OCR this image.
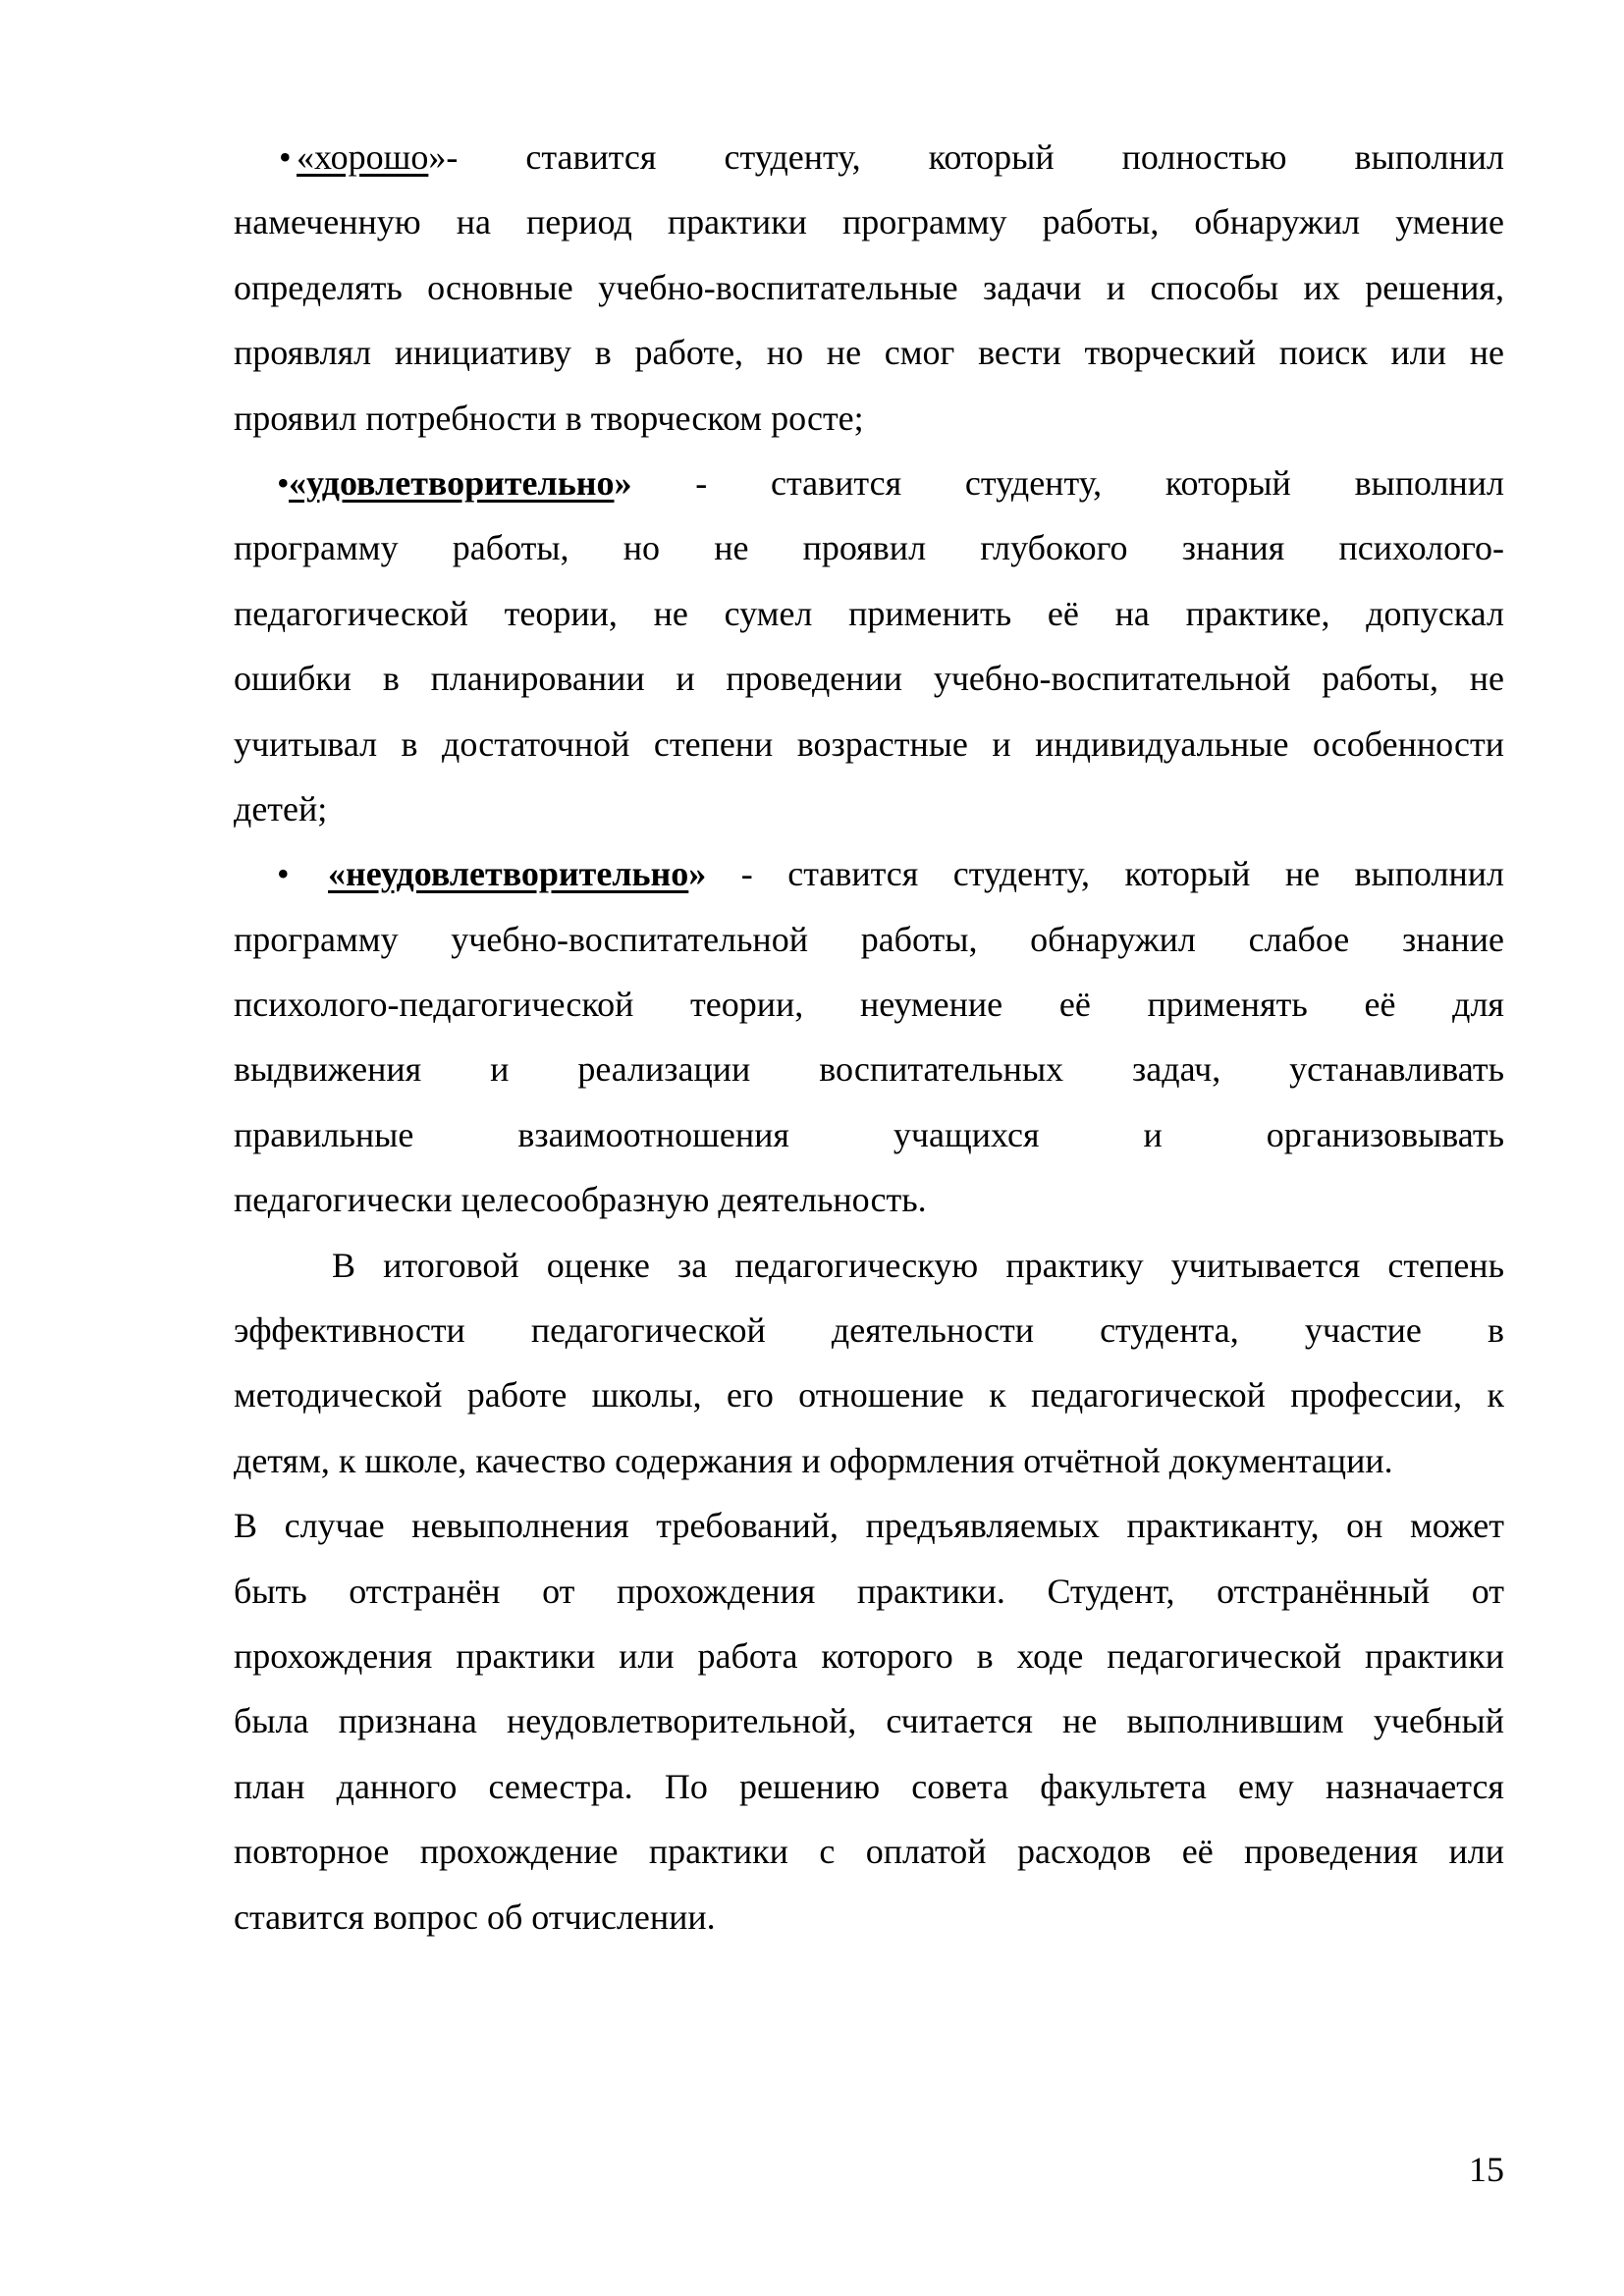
• «хорошо»- ставится студенту, который полностью выполнил
намеченную на период практики программу работы, обнаружил умение
определять основные учебно-воспитательные задачи и способы их решения,
проявлял инициативу в работе, но не смог вести творческий поиск или не
проявил потребности в творческом росте;
•«удовлетворительно» - ставится студенту, который выполнил
программу работы, но не проявил глубокого знания психолого-
педагогической теории, не сумел применить её на практике, допускал
ошибки в планировании и проведении учебно-воспитательной работы, не
учитывал в достаточной степени возрастные и индивидуальные особенности
детей;
• «неудовлетворительно» - ставится студенту, который не выполнил
программу учебно-воспитательной работы, обнаружил слабое знание
психолого-педагогической теории, неумение её применять её для
выдвижения и реализации воспитательных задач, устанавливать
правильные взаимоотношения учащихся и организовывать
педагогически целесообразную деятельность.
В итоговой оценке за педагогическую практику учитывается степень
эффективности педагогической деятельности студента, участие в
методической работе школы, его отношение к педагогической профессии, к
детям, к школе, качество содержания и оформления отчётной документации.
В случае невыполнения требований, предъявляемых практиканту, он может
быть отстранён от прохождения практики. Студент, отстранённый от
прохождения практики или работа которого в ходе педагогической практики
была признана неудовлетворительной, считается не выполнившим учебный
план данного семестра. По решению совета факультета ему назначается
повторное прохождение практики с оплатой расходов её проведения или
ставится вопрос об отчислении.
15
